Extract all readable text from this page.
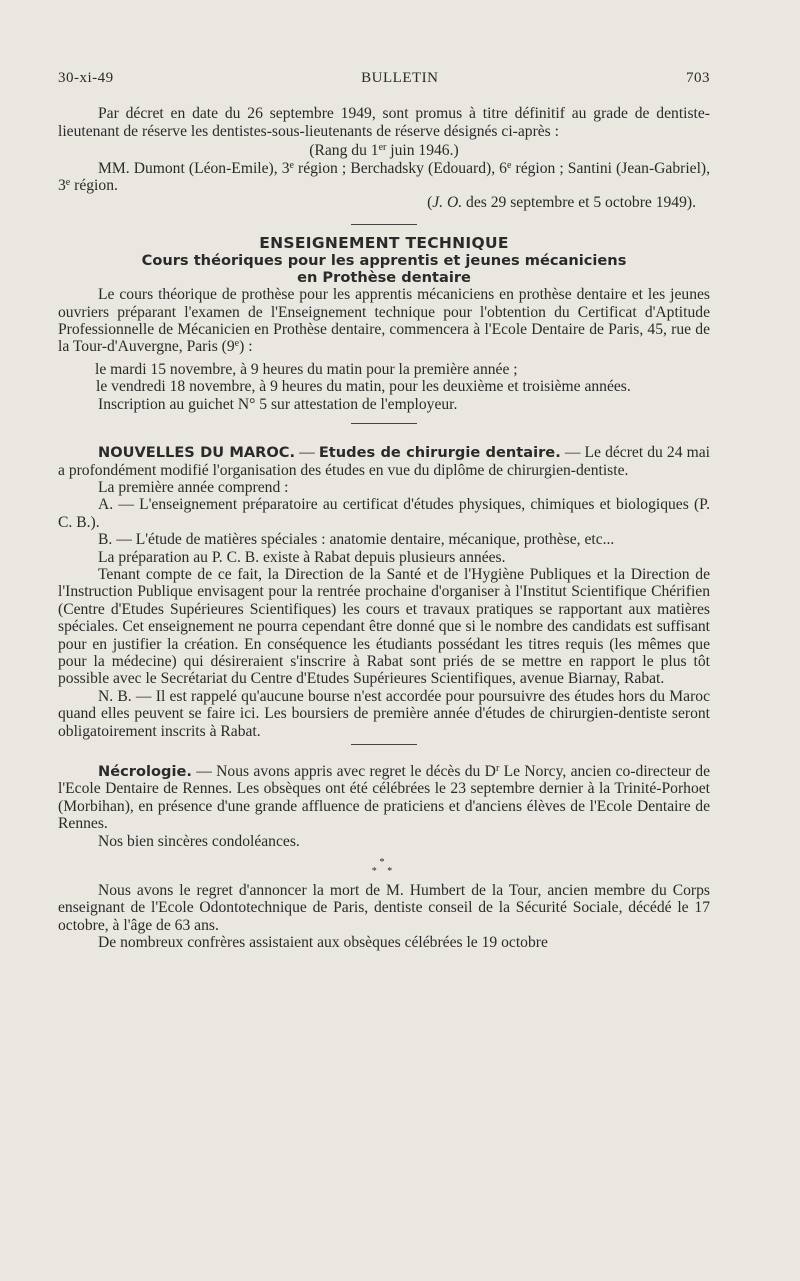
30-xi-49	BULLETIN	703

Par décret en date du 26 septembre 1949, sont promus à titre définitif au grade de dentiste-lieutenant de réserve les dentistes-sous-lieutenants de réserve désignés ci-après :

(Rang du 1er juin 1946.)

MM. Dumont (Léon-Emile), 3e région ; Berchadsky (Edouard), 6e région ; Santini (Jean-Gabriel), 3e région.

(J. O. des 29 septembre et 5 octobre 1949).

ENSEIGNEMENT TECHNIQUE
Cours théoriques pour les apprentis et jeunes mécaniciens
en Prothèse dentaire

Le cours théorique de prothèse pour les apprentis mécaniciens en prothèse dentaire et les jeunes ouvriers préparant l'examen de l'Enseignement technique pour l'obtention du Certificat d'Aptitude Professionnelle de Mécanicien en Prothèse dentaire, commencera à l'Ecole Dentaire de Paris, 45, rue de la Tour-d'Auvergne, Paris (9e) :

le mardi 15 novembre, à 9 heures du matin pour la première année ;

le vendredi 18 novembre, à 9 heures du matin, pour les deuxième et troisième années.

Inscription au guichet N° 5 sur attestation de l'employeur.

NOUVELLES DU MAROC. — Etudes de chirurgie dentaire. — Le décret du 24 mai a profondément modifié l'organisation des études en vue du diplôme de chirurgien-dentiste.

La première année comprend :

A. — L'enseignement préparatoire au certificat d'études physiques, chimiques et biologiques (P. C. B.).

B. — L'étude de matières spéciales : anatomie dentaire, mécanique, prothèse, etc...

La préparation au P. C. B. existe à Rabat depuis plusieurs années.

Tenant compte de ce fait, la Direction de la Santé et de l'Hygiène Publiques et la Direction de l'Instruction Publique envisagent pour la rentrée prochaine d'organiser à l'Institut Scientifique Chérifien (Centre d'Etudes Supérieures Scientifiques) les cours et travaux pratiques se rapportant aux matières spéciales. Cet enseignement ne pourra cependant être donné que si le nombre des candidats est suffisant pour en justifier la création. En conséquence les étudiants possédant les titres requis (les mêmes que pour la médecine) qui désireraient s'inscrire à Rabat sont priés de se mettre en rapport le plus tôt possible avec le Secrétariat du Centre d'Etudes Supérieures Scientifiques, avenue Biarnay, Rabat.

N. B. — Il est rappelé qu'aucune bourse n'est accordée pour poursuivre des études hors du Maroc quand elles peuvent se faire ici. Les boursiers de première année d'études de chirurgien-dentiste seront obligatoirement inscrits à Rabat.

Nécrologie. — Nous avons appris avec regret le décès du $D^r$ Le Norcy, ancien co-directeur de l'Ecole Dentaire de Rennes. Les obsèques ont été célébrées le 23 septembre dernier à la Trinité-Porhoet (Morbihan), en présence d'une grande affluence de praticiens et d'anciens élèves de l'Ecole Dentaire de Rennes.

Nos bien sincères condoléances.

*
* *

Nous avons le regret d'annoncer la mort de M. Humbert de la Tour, ancien membre du Corps enseignant de l'Ecole Odontotechnique de Paris, dentiste conseil de la Sécurité Sociale, décédé le 17 octobre, à l'âge de 63 ans.

De nombreux confrères assistaient aux obsèques célébrées le 19 octobre
